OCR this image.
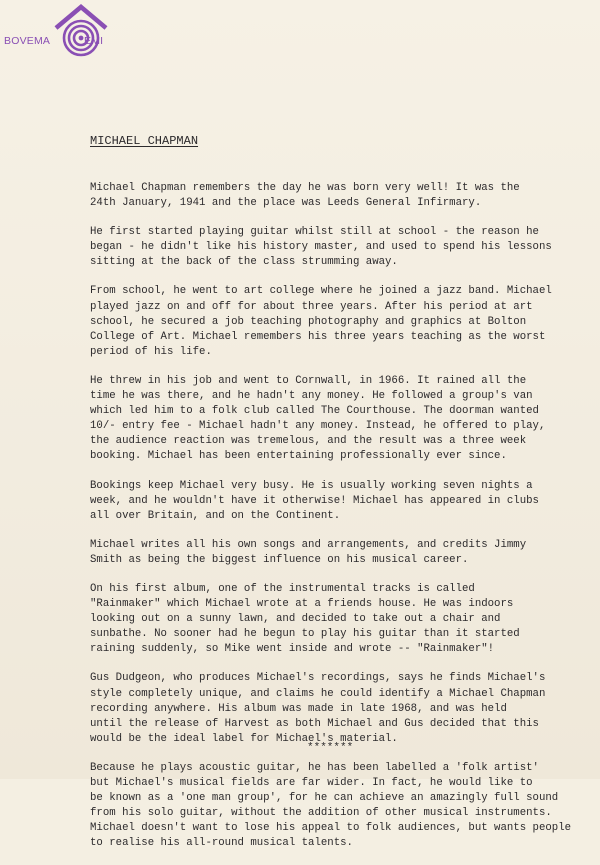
BOVEMA	EMI
MICHAEL CHAPMAN

Michael Chapman remembers the day he was born very well! It was the
24th January, 1941 and the place was Leeds General Infirmary.

He first started playing guitar whilst still at school - the reason he
began - he didn't like his history master, and used to spend his lessons
sitting at the back of the class strumming away.

From school, he went to art college where he joined a jazz band. Michael
played jazz on and off for about three years. After his period at art
school, he secured a job teaching photography and graphics at Bolton
College of Art. Michael remembers his three years teaching as the worst
period of his life.

He threw in his job and went to Cornwall, in 1966. It rained all the
time he was there, and he hadn't any money. He followed a group's van
which led him to a folk club called The Courthouse. The doorman wanted
10/- entry fee - Michael hadn't any money. Instead, he offered to play,
the audience reaction was tremelous, and the result was a three week
booking. Michael has been entertaining professionally ever since.

Bookings keep Michael very busy. He is usually working seven nights a
week, and he wouldn't have it otherwise! Michael has appeared in clubs
all over Britain, and on the Continent.

Michael writes all his own songs and arrangements, and credits Jimmy
Smith as being the biggest influence on his musical career.

On his first album, one of the instrumental tracks is called
"Rainmaker" which Michael wrote at a friends house. He was indoors
looking out on a sunny lawn, and decided to take out a chair and
sunbathe. No sooner had he begun to play his guitar than it started
raining suddenly, so Mike went inside and wrote -- "Rainmaker"!

Gus Dudgeon, who produces Michael's recordings, says he finds Michael's
style completely unique, and claims he could identify a Michael Chapman
recording anywhere. His album was made in late 1968, and was held
until the release of Harvest as both Michael and Gus decided that this
would be the ideal label for Michael's material.

Because he plays acoustic guitar, he has been labelled a 'folk artist'
but Michael's musical fields are far wider. In fact, he would like to
be known as a 'one man group', for he can achieve an amazingly full sound
from his solo guitar, without the addition of other musical instruments.
Michael doesn't want to lose his appeal to folk audiences, but wants people
to realise his all-round musical talents.

*******
